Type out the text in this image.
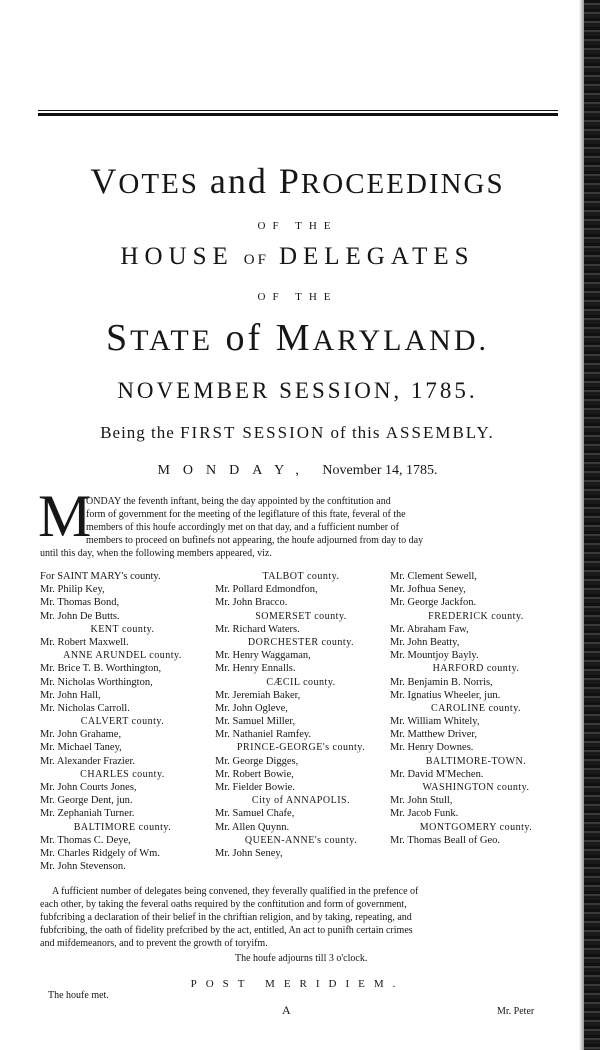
VOTES and PROCEEDINGS
OF THE
HOUSE OF DELEGATES
OF THE
STATE of MARYLAND.
NOVEMBER SESSION, 1785.
Being the FIRST SESSION of this ASSEMBLY.
MONDAY, November 14, 1785.
M
ONDAY the feventh inftant, being the day appointed by the conftitution and
form of government for the meeting of the legiflature of this ftate, feveral of the
members of this houfe accordingly met on that day, and a fufficient number of
members to proceed on bufinefs not appearing, the houfe adjourned from day to day
until this day, when the following members appeared, viz.
For SAINT MARY's county.
Mr. Philip Key,
Mr. Thomas Bond,
Mr. John De Butts.
KENT county.
Mr. Robert Maxwell.
ANNE ARUNDEL county.
Mr. Brice T. B. Worthington,
Mr. Nicholas Worthington,
Mr. John Hall,
Mr. Nicholas Carroll.
CALVERT county.
Mr. John Grahame,
Mr. Michael Taney,
Mr. Alexander Frazier.
CHARLES county.
Mr. John Courts Jones,
Mr. George Dent, jun.
Mr. Zephaniah Turner.
BALTIMORE county.
Mr. Thomas C. Deye,
Mr. Charles Ridgely of Wm.
Mr. John Stevenson.
TALBOT county.
Mr. Pollard Edmondfon,
Mr. John Bracco.
SOMERSET county.
Mr. Richard Waters.
DORCHESTER county.
Mr. Henry Waggaman,
Mr. Henry Ennalls.
CÆCIL county.
Mr. Jeremiah Baker,
Mr. John Ogleve,
Mr. Samuel Miller,
Mr. Nathaniel Ramfey.
PRINCE-GEORGE's county.
Mr. George Digges,
Mr. Robert Bowie,
Mr. Fielder Bowie.
City of ANNAPOLIS.
Mr. Samuel Chafe,
Mr. Allen Quynn.
QUEEN-ANNE's county.
Mr. John Seney,
Mr. Clement Sewell,
Mr. Jofhua Seney,
Mr. George Jackfon.
FREDERICK county.
Mr. Abraham Faw,
Mr. John Beatty,
Mr. Mountjoy Bayly.
HARFORD county.
Mr. Benjamin B. Norris,
Mr. Ignatius Wheeler, jun.
CAROLINE county.
Mr. William Whitely,
Mr. Matthew Driver,
Mr. Henry Downes.
BALTIMORE-TOWN.
Mr. David M'Mechen.
WASHINGTON county.
Mr. John Stull,
Mr. Jacob Funk.
MONTGOMERY county.
Mr. Thomas Beall of Geo.
A fufficient number of delegates being convened, they feverally qualified in the prefence of
each other, by taking the feveral oaths required by the conftitution and form of government,
fubfcribing a declaration of their belief in the chriftian religion, and by taking, repeating, and
fubfcribing, the oath of fidelity prefcribed by the act, entitled, An act to punifh certain crimes
and mifdemeanors, and to prevent the growth of toryifm.
The houfe adjourns till 3 o'clock.
POST MERIDIEM.
The houfe met.
A	Mr. Peter
